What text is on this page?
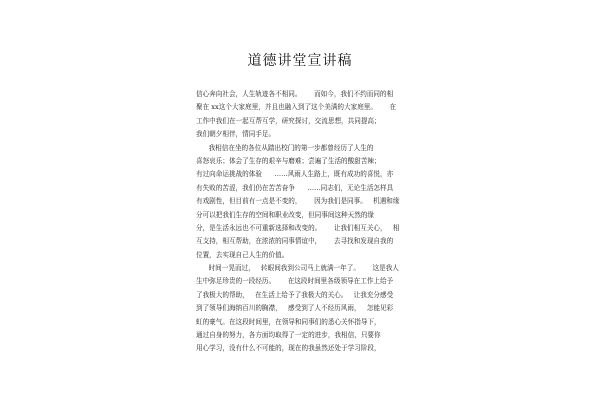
道德讲堂宣讲稿
信心奔向社会，人生轨迹各不相同。      而如今，我们不约而同的相
聚在 xx这个大家庭里，并且也融入到了这个美满的大家庭里。      在
工作中我们在一起互帮互学，研究探讨，交流思想，共同提高；
我们朝夕相伴，情同手足。
我相信在坐的各位从踏出校门的第一步都曾经历了人生的
喜怒哀乐；体会了生存的艰辛与磨难；尝遍了生活的酸甜苦辣；
有过向命运挑战的体验      ……风雨人生路上，既有成功的喜悦，亦
有失败的苦涩，我们仍在苦苦奋争      ……同志们，无论生活怎样具
有戏剧性，但目前有一点是不变的，      因为我们是同事。   机遇和缘
分可以把我们生存的空间和职业改变，但同事间这种天然的缘
分，是生活永远也不可重新选择和改变的。      让我们相互关心，   相
互支持，相互帮助，在浓浓的同事情谊中，      去寻找和发现自我的
位置，去实现自己人生的价值。
时间一晃而过，   转眼间我到公司马上就满一年了。      这是我人
生中弥足珍贵的一段经历。      在这段时间里各级领导在工作上给予
了我极大的帮助，   在生活上给予了我极大的关心。   让我充分感受
到了领导们海纳百川的胸襟，   感受到了人不经历风雨，   怎能见彩
虹的豪气。在这段时间里，在领导和同事们的悉心关怀指导下，
通过自身的努力，各方面均取得了一定的进步，我相信，只要你
用心学习，没有什么不可能的，现在的我虽然还处于学习阶段，
